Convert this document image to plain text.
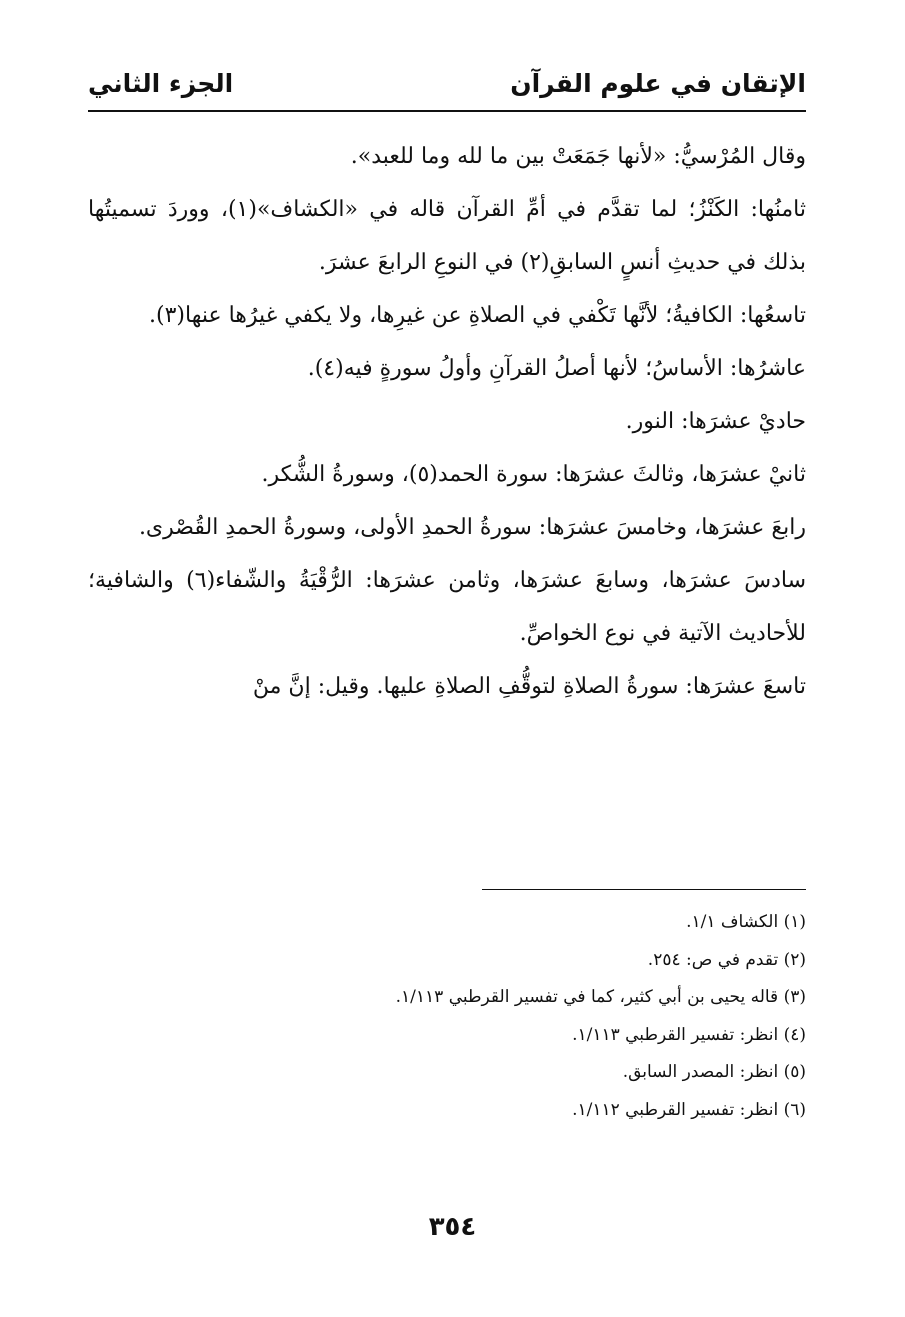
الإتقان في علوم القرآن
الجزء الثاني

وقال المُرْسيُّ: «لأنها جَمَعَتْ بين ما لله وما للعبد».

ثامنُها: الكَنْزُ؛ لما تقدَّم في أمِّ القرآن قاله في «الكشاف»(١)، ووردَ تسميتُها بذلك في حديثِ أنسٍ السابقِ(٢) في النوعِ الرابعَ عشرَ.

تاسعُها: الكافيةُ؛ لأنَّها تَكْفي في الصلاةِ عن غيرِها، ولا يكفي غيرُها عنها(٣).

عاشرُها: الأساسُ؛ لأنها أصلُ القرآنِ وأولُ سورةٍ فيه(٤).

حاديْ عشرَها: النور.

ثانيْ عشرَها، وثالثَ عشرَها: سورة الحمد(٥)، وسورةُ الشُّكر.

رابعَ عشرَها، وخامسَ عشرَها: سورةُ الحمدِ الأولى، وسورةُ الحمدِ القُصْرى.

سادسَ عشرَها، وسابعَ عشرَها، وثامن عشرَها: الرُّقْيَةُ والشّفاء(٦) والشافية؛ للأحاديث الآتية في نوع الخواصِّ.

تاسعَ عشرَها: سورةُ الصلاةِ لتوقُّفِ الصلاةِ عليها. وقيل: إنَّ منْ

(١) الكشاف ١/١.

(٢) تقدم في ص: ٢٥٤.

(٣) قاله يحيى بن أبي كثير، كما في تفسير القرطبي ١/١١٣.

(٤) انظر: تفسير القرطبي ١/١١٣.

(٥) انظر: المصدر السابق.

(٦) انظر: تفسير القرطبي ١/١١٢.

٣٥٤
